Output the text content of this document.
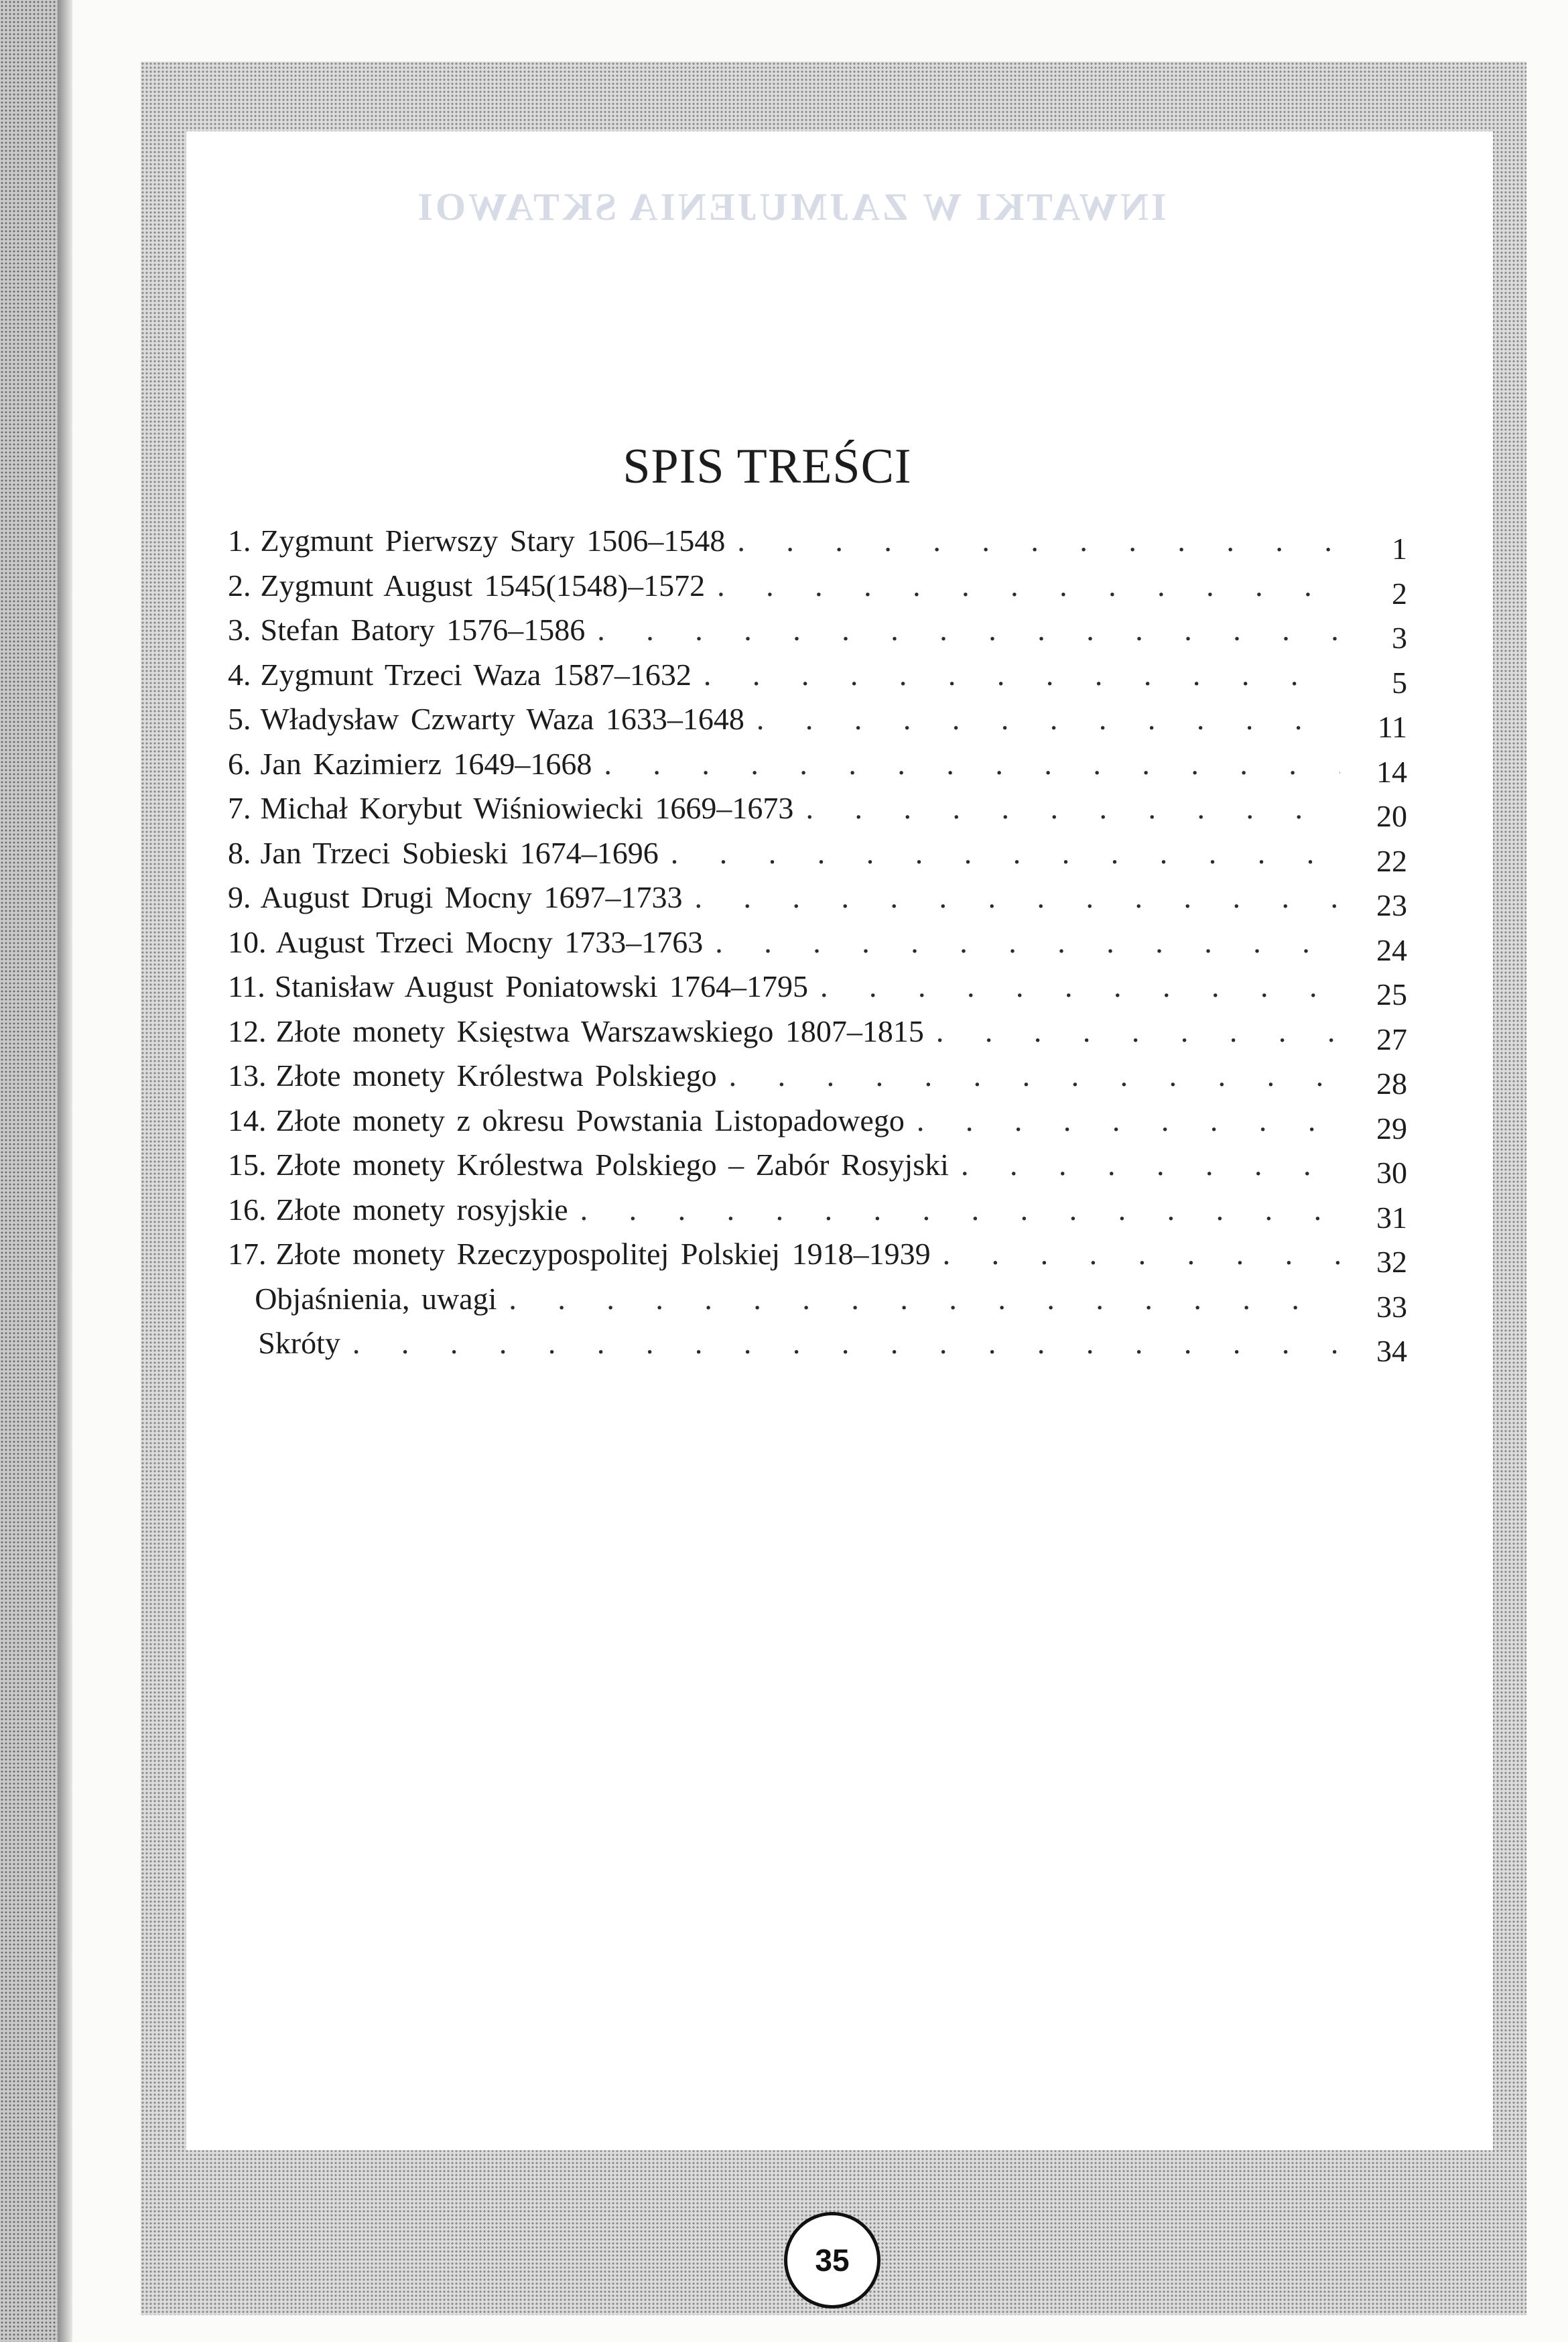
INWATKI W ZAJMUJENIA SKTAWOI
SPIS TREŚCI
1. Zygmunt Pierwszy Stary 1506–1548 . . .	1
2. Zygmunt August 1545(1548)–1572 . . .	2
3. Stefan Batory 1576–1586 . . .	3
4. Zygmunt Trzeci Waza 1587–1632 . . .	5
5. Władysław Czwarty Waza 1633–1648 . . .	11
6. Jan Kazimierz 1649–1668 . . .	14
7. Michał Korybut Wiśniowiecki 1669–1673 . . .	20
8. Jan Trzeci Sobieski 1674–1696 . . .	22
9. August Drugi Mocny 1697–1733 . . .	23
10. August Trzeci Mocny 1733–1763 . . .	24
11. Stanisław August Poniatowski 1764–1795 . . .	25
12. Złote monety Księstwa Warszawskiego 1807–1815 . . .	27
13. Złote monety Królestwa Polskiego . . .	28
14. Złote monety z okresu Powstania Listopadowego . . .	29
15. Złote monety Królestwa Polskiego – Zabór Rosyjski . . .	30
16. Złote monety rosyjskie . . .	31
17. Złote monety Rzeczypospolitej Polskiej 1918–1939 . . .	32
Objaśnienia, uwagi . . .	33
Skróty . . .	34
35
